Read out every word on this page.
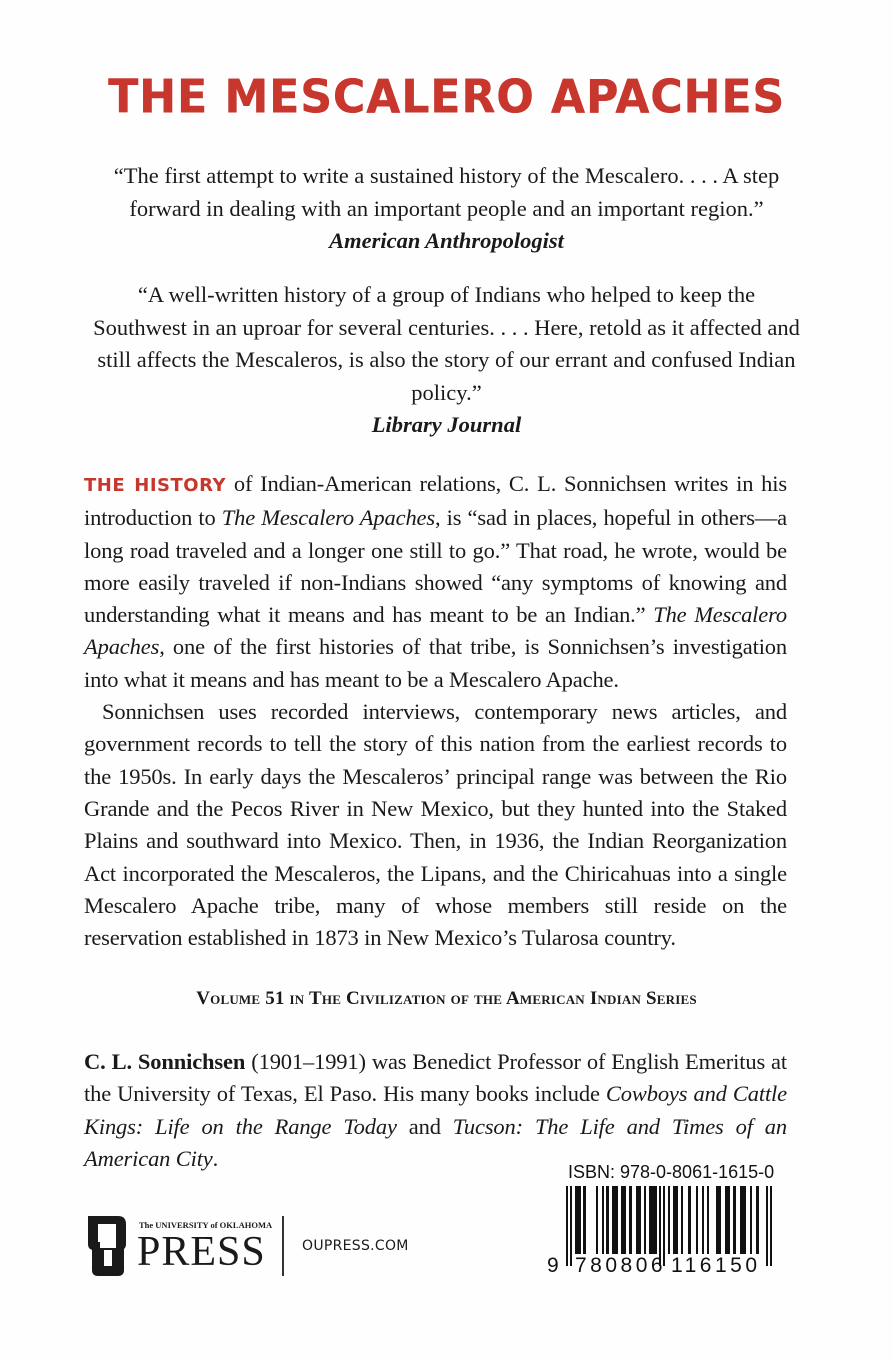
THE MESCALERO APACHES
“The first attempt to write a sustained history of the Mescalero. . . . A step forward in dealing with an important people and an important region.”
American Anthropologist
“A well-written history of a group of Indians who helped to keep the Southwest in an uproar for several centuries. . . . Here, retold as it affected and still affects the Mescaleros, is also the story of our errant and confused Indian policy.”
Library Journal

THE HISTORY of Indian-American relations, C. L. Sonnichsen writes in his introduction to The Mescalero Apaches, is “sad in places, hopeful in others—a long road traveled and a longer one still to go.” That road, he wrote, would be more easily traveled if non-Indians showed “any symptoms of knowing and understanding what it means and has meant to be an Indian.” The Mescalero Apaches, one of the first histories of that tribe, is Sonnichsen’s investigation into what it means and has meant to be a Mescalero Apache.

Sonnichsen uses recorded interviews, contemporary news articles, and government records to tell the story of this nation from the earliest records to the 1950s. In early days the Mescaleros’ principal range was between the Rio Grande and the Pecos River in New Mexico, but they hunted into the Staked Plains and southward into Mexico. Then, in 1936, the Indian Reorganization Act incorporated the Mescaleros, the Lipans, and the Chiricahuas into a single Mescalero Apache tribe, many of whose members still reside on the reservation established in 1873 in New Mexico’s Tularosa country.

Volume 51 in The Civilization of the American Indian Series

C. L. Sonnichsen (1901–1991) was Benedict Professor of English Emeritus at the University of Texas, El Paso. His many books include Cowboys and Cattle Kings: Life on the Range Today and Tucson: The Life and Times of an American City.

The UNIVERSITY of OKLAHOMA
PRESS	OUPRESS.COM
ISBN: 978-0-8061-1615-0
9 780806 116150
